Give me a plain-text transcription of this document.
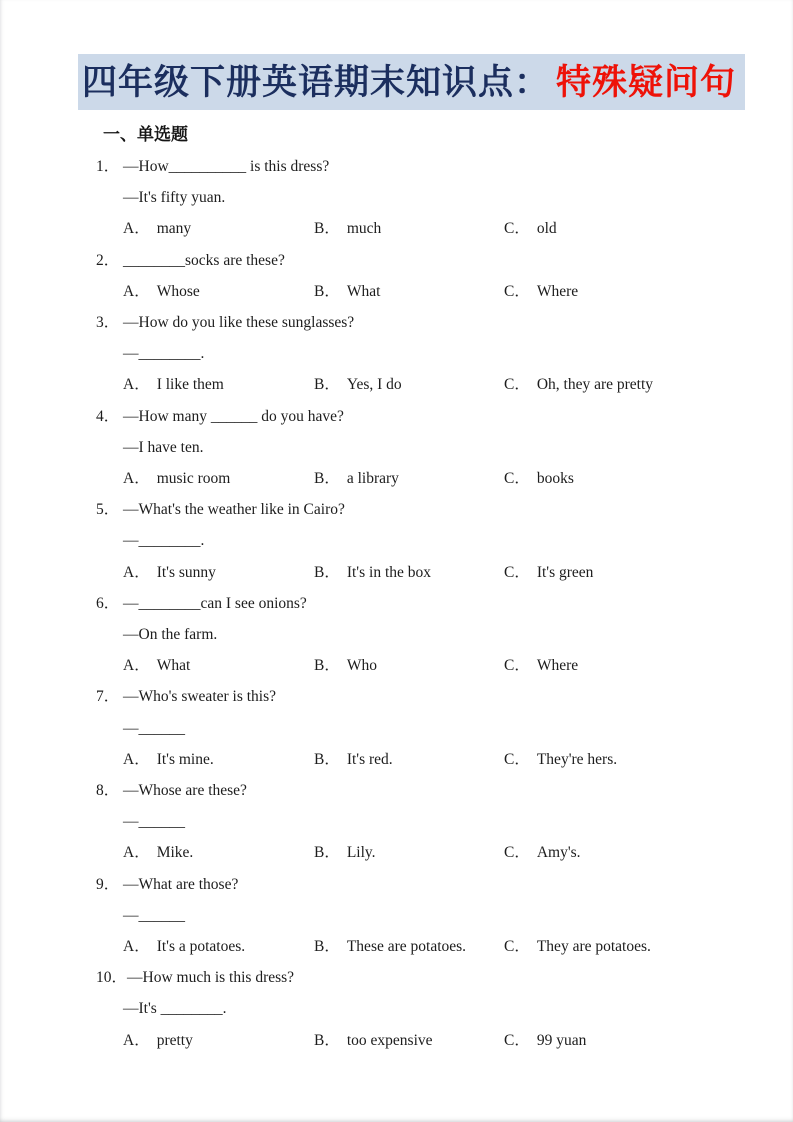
四年级下册英语期末知识点： 特殊疑问句
一、单选题
1． —How__________ is this dress?
—It's fifty yuan.
A． many	B． much	C． old
2． ________socks are these?
A． Whose	B． What	C． Where
3． —How do you like these sunglasses?
—________.
A． I like them	B． Yes, I do	C． Oh, they are pretty
4． —How many ______ do you have?
—I have ten.
A． music room	B． a library	C． books
5． —What's the weather like in Cairo?
—________.
A． It's sunny	B． It's in the box	C． It's green
6． —________can I see onions?
—On the farm.
A． What	B． Who	C． Where
7． —Who's sweater is this?
—______
A． It's mine.	B． It's red.	C． They're hers.
8． —Whose are these?
—______
A． Mike.	B． Lily.	C． Amy's.
9． —What are those?
—______
A． It's a potatoes.	B． These are potatoes.	C． They are potatoes.
10．—How much is this dress?
—It's ________.
A． pretty	B． too expensive	C． 99 yuan
